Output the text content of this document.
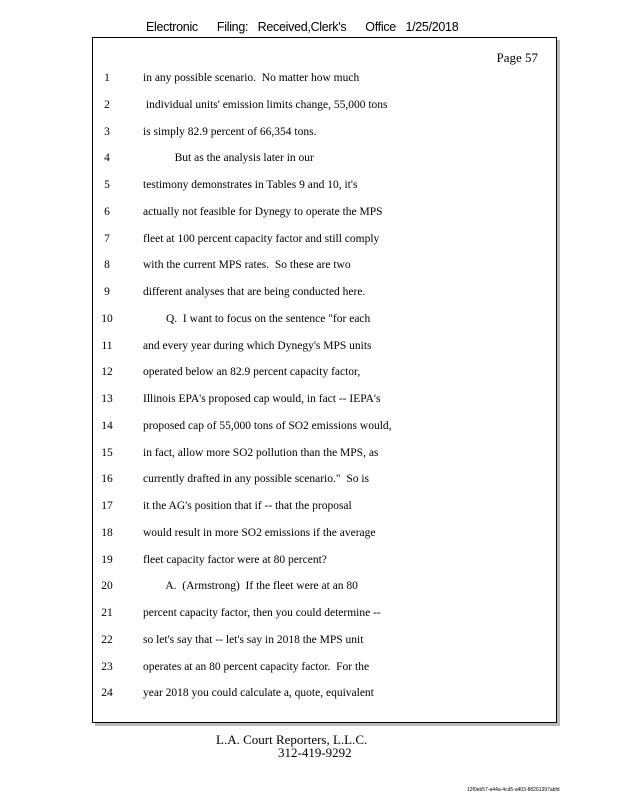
Electronic      Filing:   Received,Clerk's      Office   1/25/2018
Page 57
1	in any possible scenario.  No matter how much
2	individual units' emission limits change, 55,000 tons
3	is simply 82.9 percent of 66,354 tons.
4	But as the analysis later in our
5	testimony demonstrates in Tables 9 and 10, it's
6	actually not feasible for Dynegy to operate the MPS
7	fleet at 100 percent capacity factor and still comply
8	with the current MPS rates.  So these are two
9	different analyses that are being conducted here.
10	Q.  I want to focus on the sentence "for each
11	and every year during which Dynegy's MPS units
12	operated below an 82.9 percent capacity factor,
13	Illinois EPA's proposed cap would, in fact -- IEPA's
14	proposed cap of 55,000 tons of SO2 emissions would,
15	in fact, allow more SO2 pollution than the MPS, as
16	currently drafted in any possible scenario."  So is
17	it the AG's position that if -- that the proposal
18	would result in more SO2 emissions if the average
19	fleet capacity factor were at 80 percent?
20	A.  (Armstrong)  If the fleet were at an 80
21	percent capacity factor, then you could determine --
22	so let's say that -- let's say in 2018 the MPS unit
23	operates at an 80 percent capacity factor.  For the
24	year 2018 you could calculate a, quote, equivalent
L.A. Court Reporters, L.L.C.
312-419-9292
12f0eb57-a44a-4cd5-a403-88261397abfd
